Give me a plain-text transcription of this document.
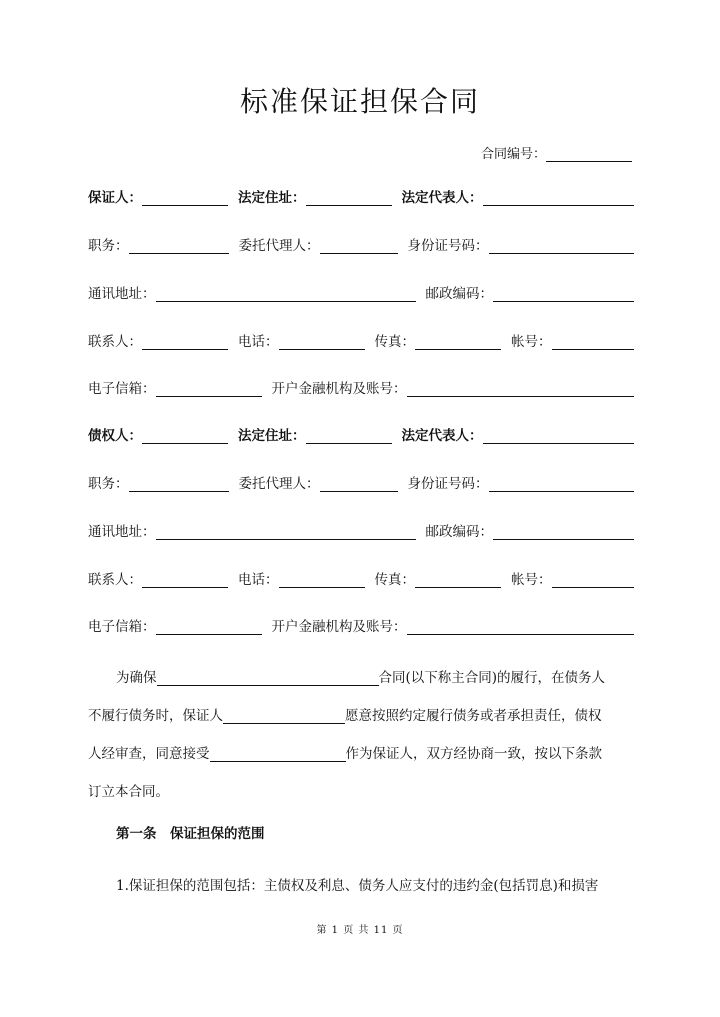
标准保证担保合同
合同编号：
保证人：	法定住址：	法定代表人：
职务：	委托代理人：	身份证号码：
通讯地址：	邮政编码：
联系人：	电话：	传真：	帐号：
电子信箱：	开户金融机构及账号：
债权人：	法定住址：	法定代表人：
职务：	委托代理人：	身份证号码：
通讯地址：	邮政编码：
联系人：	电话：	传真：	帐号：
电子信箱：	开户金融机构及账号：
为确保	合同(以下称主合同)的履行，在债务人
不履行债务时，保证人	愿意按照约定履行债务或者承担责任，债权
人经审查，同意接受	作为保证人，双方经协商一致，按以下条款
订立本合同。
第一条　保证担保的范围
1.保证担保的范围包括：主债权及利息、债务人应支付的违约金(包括罚息)和损害
第 1 页 共 11 页
